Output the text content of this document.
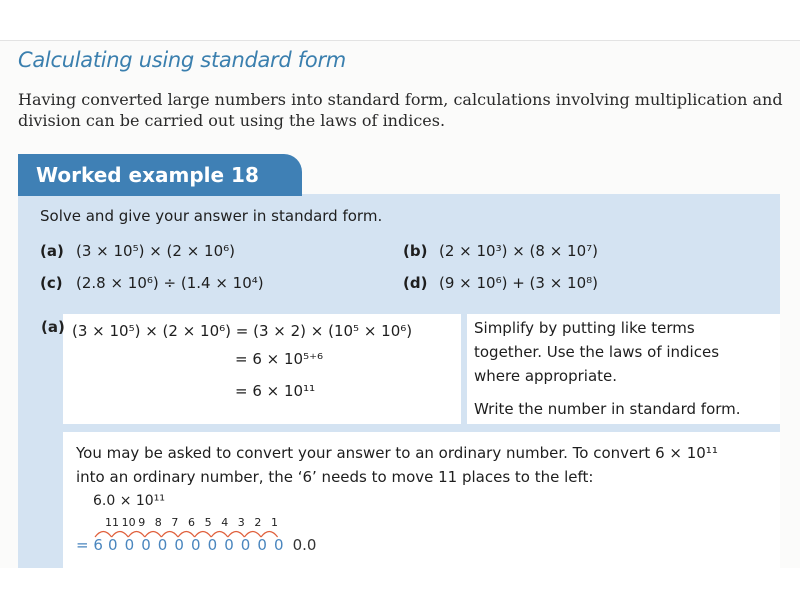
Calculating using standard form
Having converted large numbers into standard form, calculations involving multiplication and
division can be carried out using the laws of indices.
Worked example 18
Solve and give your answer in standard form.
(a) (3 × 10⁵) × (2 × 10⁶)	(b) (2 × 10³) × (8 × 10⁷)
(c) (2.8 × 10⁶) ÷ (1.4 × 10⁴)	(d) (9 × 10⁶) + (3 × 10⁸)
(a) (3 × 10⁵) × (2 × 10⁶) = (3 × 2) × (10⁵ × 10⁶)
= 6 × 10⁵⁺⁶
= 6 × 10¹¹
Simplify by putting like terms
together. Use the laws of indices
where appropriate.
Write the number in standard form.
You may be asked to convert your answer to an ordinary number. To convert 6 × 10¹¹
into an ordinary number, the ‘6’ needs to move 11 places to the left:
6.0 × 10¹¹
11 10 9 8 7 6 5 4 3 2 1
= 6 0 0 0 0 0 0 0 0 0 0 0 0.0
